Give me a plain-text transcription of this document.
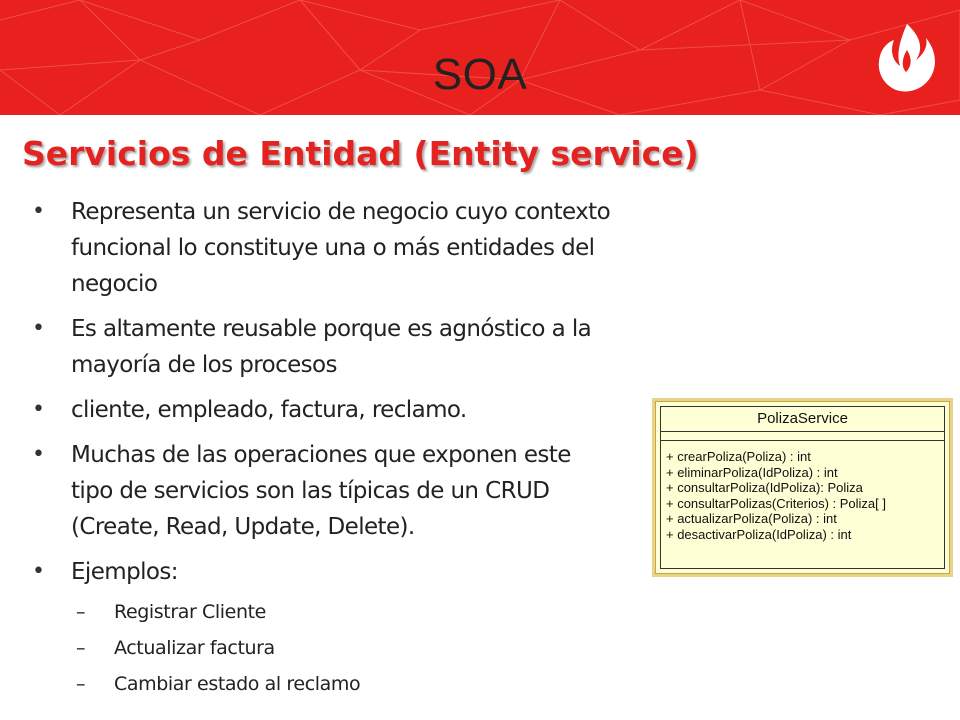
SOA
Servicios de Entidad (Entity service)
• Representa un servicio de negocio cuyo contexto funcional lo constituye una o más entidades del negocio
• Es altamente reusable porque es agnóstico a la mayoría de los procesos
• cliente, empleado, factura, reclamo.
• Muchas de las operaciones que exponen este tipo de servicios son las típicas de un CRUD (Create, Read, Update, Delete).
• Ejemplos:
– Registrar Cliente
– Actualizar factura
– Cambiar estado al reclamo
PolizaService
+ crearPoliza(Poliza) : int
+ eliminarPoliza(IdPoliza) : int
+ consultarPoliza(IdPoliza): Poliza
+ consultarPolizas(Criterios) : Poliza[ ]
+ actualizarPoliza(Poliza) : int
+ desactivarPoliza(IdPoliza) : int
